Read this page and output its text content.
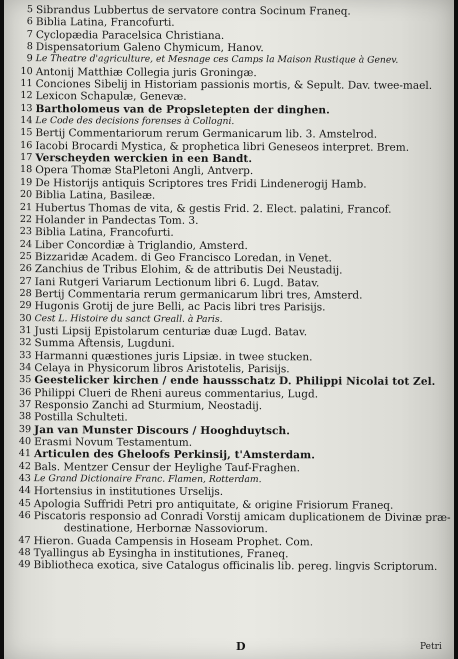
5 Sibrandus Lubbertus de servatore contra Socinum Franeq.
6 Biblia Latina, Francofurti.
7 Cyclopædia Paracelsica Christiana.
8 Dispensatorium Galeno Chymicum, Hanov.
9 Le Theatre d'agriculture, et Mesnage ces Camps la Maison Rustique à Genev.
10 Antonij Matthiæ Collegia juris Groningæ.
11 Conciones Sibelij in Historiam passionis mortis, & Sepult. Dav. twee-mael.
12 Lexicon Schapulæ, Genevæ.
13 Bartholomeus van de Propsletepten der dinghen.
14 Le Code des decisions forenses à Collogni.
15 Bertij Commentariorum rerum Germanicarum lib. 3. Amstelrod.
16 Iacobi Brocardi Mystica, & prophetica libri Geneseos interpret. Brem.
17 Verscheyden werckien in een Bandt.
18 Opera Thomæ StaPletoni Angli, Antverp.
19 De Historijs antiquis Scriptores tres Fridi Lindenerogij Hamb.
20 Biblia Latina, Basileæ.
21 Hubertus Thomas de vita, & gestis Frid. 2. Elect. palatini, Francof.
22 Holander in Pandectas Tom. 3.
23 Biblia Latina, Francofurti.
24 Liber Concordiæ à Triglandio, Amsterd.
25 Bizzaridæ Academ. di Geo Francisco Loredan, in Venet.
26 Zanchius de Tribus Elohim, & de attributis Dei Neustadij.
27 Iani Rutgeri Variarum Lectionum libri 6. Lugd. Batav.
28 Bertij Commentaria rerum germanicarum libri tres, Amsterd.
29 Hugonis Grotij de jure Belli, ac Pacis libri tres Parisijs.
30 Cest L. Histoire du sanct Greall. à Paris.
31 Justi Lipsij Epistolarum centuriæ duæ Lugd. Batav.
32 Summa Aftensis, Lugduni.
33 Harmanni quæstiones juris Lipsiæ. in twee stucken.
34 Celaya in Physicorum libros Aristotelis, Parisijs.
35 Geestelicker kirchen / ende haussschatz D. Philippi Nicolai tot Zel.
36 Philippi Clueri de Rheni aureus commentarius, Lugd.
37 Responsio Zanchi ad Sturmium, Neostadij.
38 Postilla Schulteti.
39 Jan van Munster Discours / Hooghduytsch.
40 Erasmi Novum Testamentum.
41 Articulen des Gheloofs Perkinsij, t'Amsterdam.
42 Bals. Mentzer Censur der Heylighe Tauf-Fraghen.
43 Le Grand Dictionaire Franc. Flamen, Rotterdam.
44 Hortensius in institutiones Urselijs.
45 Apologia Suffridi Petri pro antiquitate, & origine Frisiorum Franeq.
46 Piscatoris responsio ad Conradi Vorstij amicam duplicationem de Divinæ præ-
destinatione, Herbornæ Nassoviorum.
47 Hieron. Guada Campensis in Hoseam Prophet. Com.
48 Tyallingus ab Eysingha in institutiones, Franeq.
49 Bibliotheca exotica, sive Catalogus officinalis lib. pereg. lingvis Scriptorum.
D	Petri
